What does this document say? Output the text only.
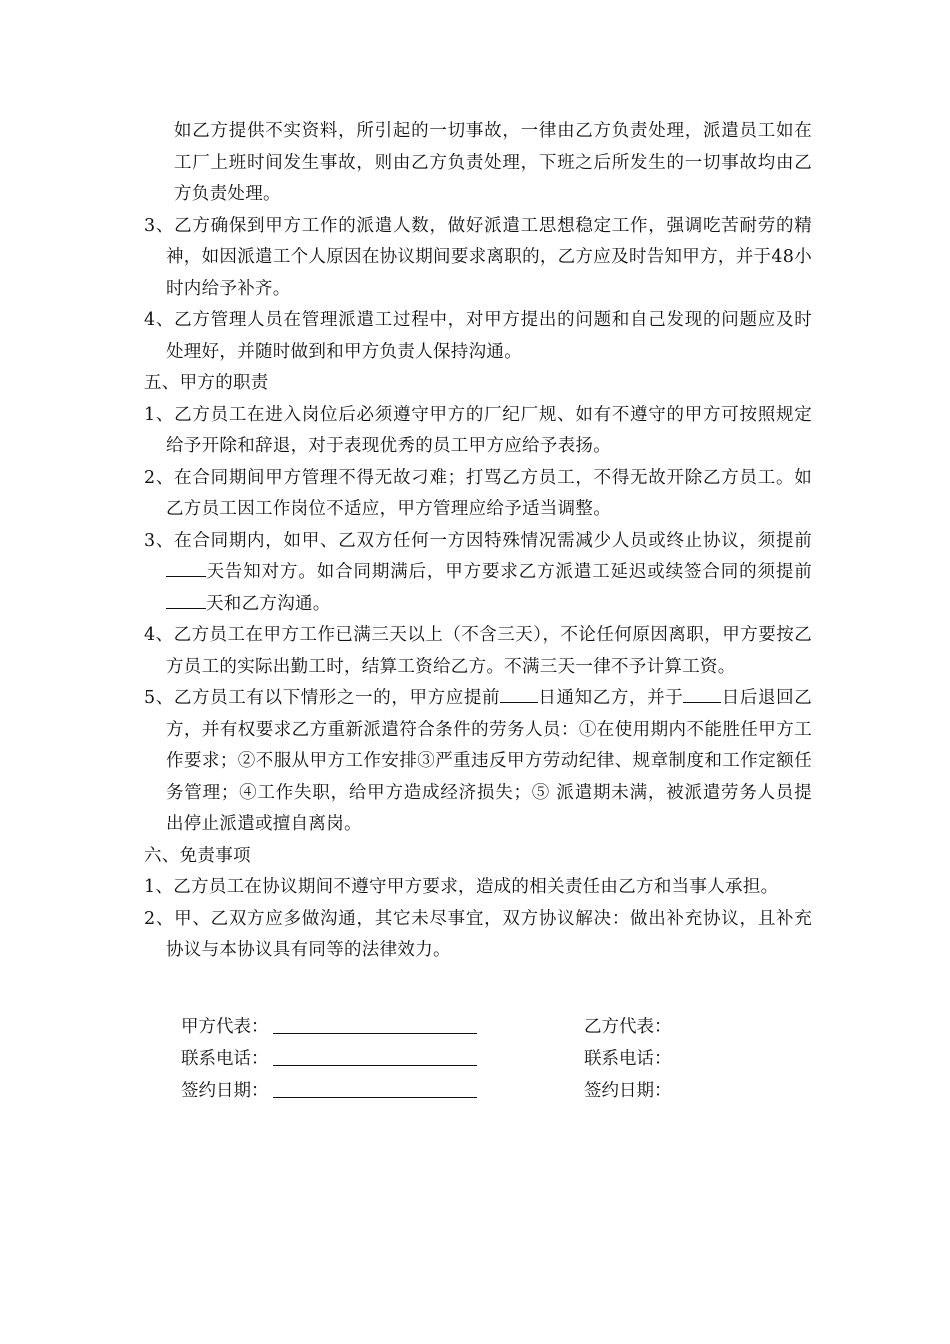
如乙方提供不实资料，所引起的一切事故，一律由乙方负责处理，派遣员工如在工厂上班时间发生事故，则由乙方负责处理，下班之后所发生的一切事故均由乙方负责处理。

3、乙方确保到甲方工作的派遣人数，做好派遣工思想稳定工作，强调吃苦耐劳的精神，如因派遣工个人原因在协议期间要求离职的，乙方应及时告知甲方，并于48小时内给予补齐。

4、乙方管理人员在管理派遣工过程中，对甲方提出的问题和自己发现的问题应及时处理好，并随时做到和甲方负责人保持沟通。

五、甲方的职责

1、乙方员工在进入岗位后必须遵守甲方的厂纪厂规、如有不遵守的甲方可按照规定给予开除和辞退，对于表现优秀的员工甲方应给予表扬。

2、在合同期间甲方管理不得无故刁难；打骂乙方员工，不得无故开除乙方员工。如乙方员工因工作岗位不适应，甲方管理应给予适当调整。

3、在合同期内，如甲、乙双方任何一方因特殊情况需减少人员或终止协议，须提前天告知对方。如合同期满后，甲方要求乙方派遣工延迟或续签合同的须提前天和乙方沟通。

4、乙方员工在甲方工作已满三天以上（不含三天），不论任何原因离职，甲方要按乙方员工的实际出勤工时，结算工资给乙方。不满三天一律不予计算工资。

5、乙方员工有以下情形之一的，甲方应提前 日通知乙方，并于 日后退回乙方，并有权要求乙方重新派遣符合条件的劳务人员：①在使用期内不能胜任甲方工作要求；②不服从甲方工作安排③严重违反甲方劳动纪律、规章制度和工作定额任务管理；④工作失职，给甲方造成经济损失；⑤ 派遣期未满，被派遣劳务人员提出停止派遣或擅自离岗。

六、免责事项

1、乙方员工在协议期间不遵守甲方要求，造成的相关责任由乙方和当事人承担。

2、甲、乙双方应多做沟通，其它未尽事宜，双方协议解决：做出补充协议，且补充协议与本协议具有同等的法律效力。

甲方代表：
联系电话：
签约日期：
乙方代表：
联系电话：
签约日期：
